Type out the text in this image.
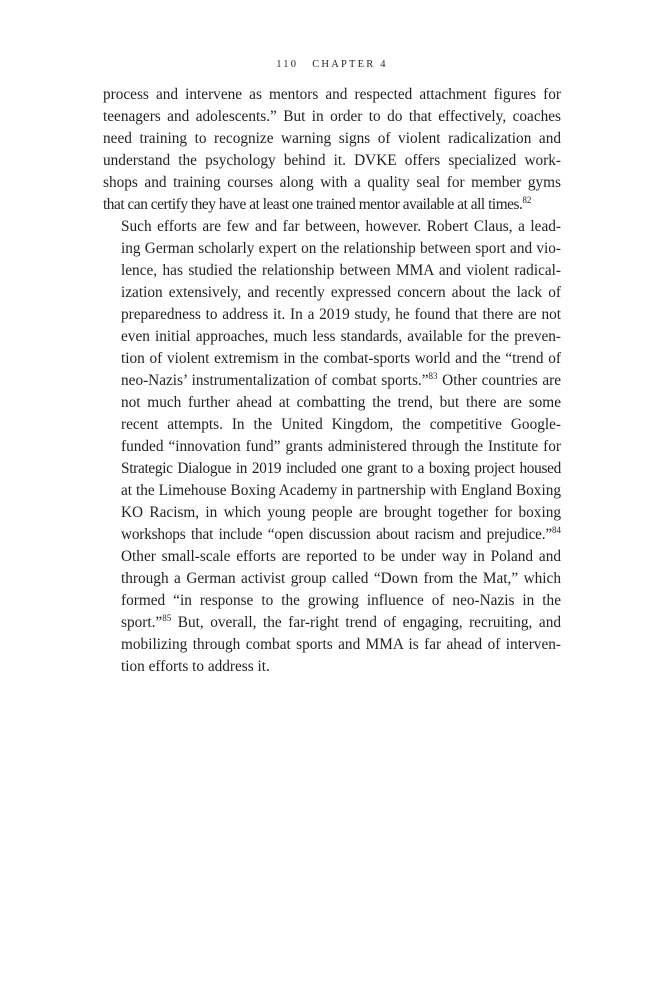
110 CHAPTER 4

process and intervene as mentors and respected attachment figures for
teenagers and adolescents.” But in order to do that effectively, coaches
need training to recognize warning signs of violent radicalization and
understand the psychology behind it. DVKE offers specialized work-
shops and training courses along with a quality seal for member gyms
that can certify they have at least one trained mentor available at all times.$^{82}$

Such efforts are few and far between, however. Robert Claus, a lead-
ing German scholarly expert on the relationship between sport and vio-
lence, has studied the relationship between MMA and violent radical-
ization extensively, and recently expressed concern about the lack of
preparedness to address it. In a 2019 study, he found that there are not
even initial approaches, much less standards, available for the preven-
tion of violent extremism in the combat-sports world and the “trend of
neo-Nazis’ instrumentalization of combat sports.”$^{83}$ Other countries are
not much further ahead at combatting the trend, but there are some
recent attempts. In the United Kingdom, the competitive Google-
funded “innovation fund” grants administered through the Institute for
Strategic Dialogue in 2019 included one grant to a boxing project housed
at the Limehouse Boxing Academy in partnership with England Boxing
KO Racism, in which young people are brought together for boxing
workshops that include “open discussion about racism and prejudice.”$^{84}$
Other small-scale efforts are reported to be under way in Poland and
through a German activist group called “Down from the Mat,” which
formed “in response to the growing influence of neo-Nazis in the
sport.”$^{85}$ But, overall, the far-right trend of engaging, recruiting, and
mobilizing through combat sports and MMA is far ahead of interven-
tion efforts to address it.
